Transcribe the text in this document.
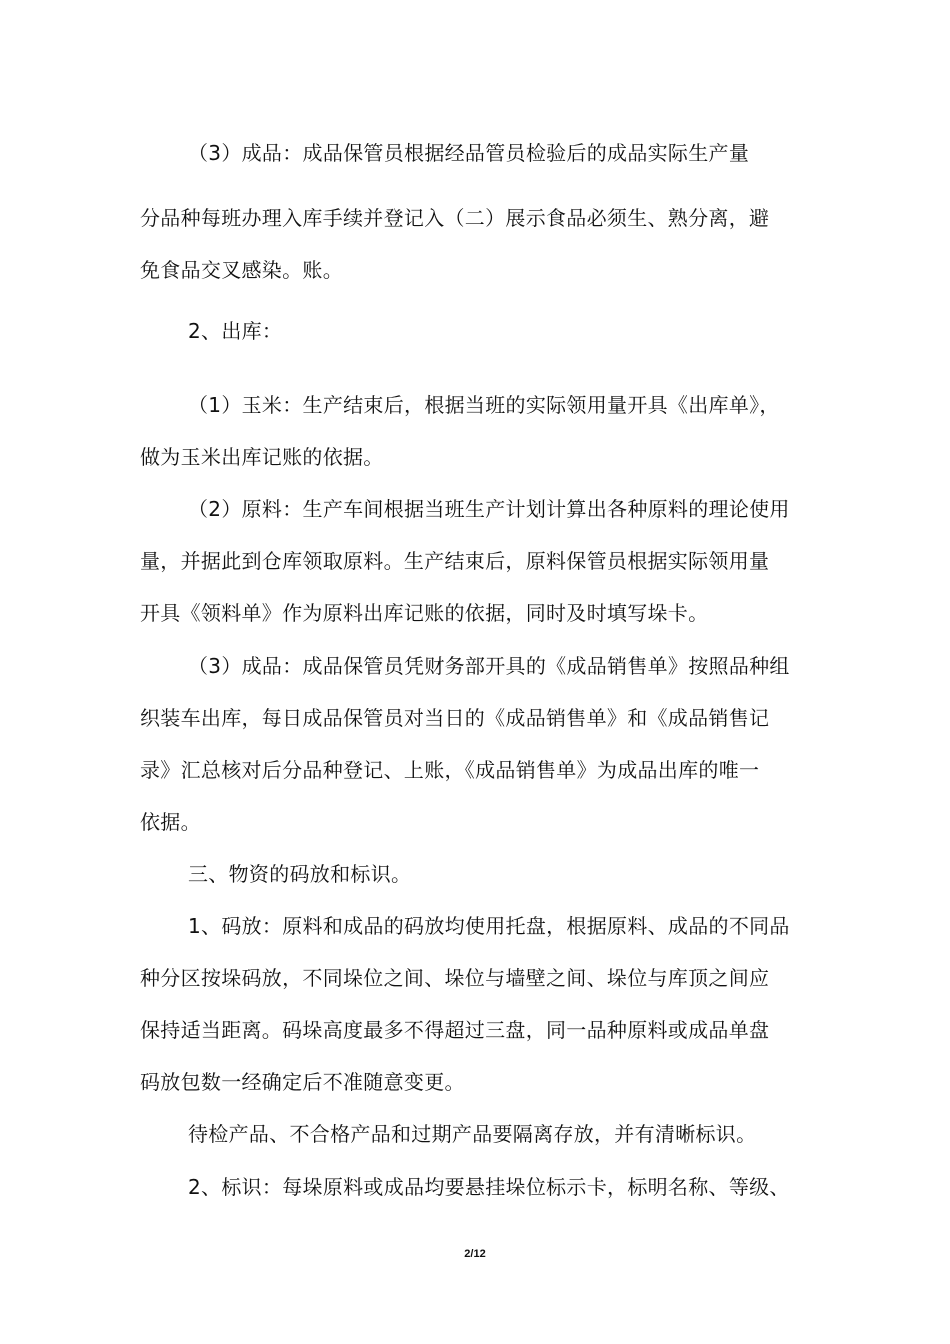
（3）成品：成品保管员根据经品管员检验后的成品实际生产量
分品种每班办理入库手续并登记入（二）展示食品必须生、熟分离，避
免食品交叉感染。账。
2、出库：
（1）玉米：生产结束后，根据当班的实际领用量开具《出库单》，
做为玉米出库记账的依据。
（2）原料：生产车间根据当班生产计划计算出各种原料的理论使用
量，并据此到仓库领取原料。生产结束后，原料保管员根据实际领用量
开具《领料单》作为原料出库记账的依据，同时及时填写垛卡。
（3）成品：成品保管员凭财务部开具的《成品销售单》按照品种组
织装车出库，每日成品保管员对当日的《成品销售单》和《成品销售记
录》汇总核对后分品种登记、上账，《成品销售单》为成品出库的唯一
依据。
三、物资的码放和标识。
1、码放：原料和成品的码放均使用托盘，根据原料、成品的不同品
种分区按垛码放，不同垛位之间、垛位与墙壁之间、垛位与库顶之间应
保持适当距离。码垛高度最多不得超过三盘，同一品种原料或成品单盘
码放包数一经确定后不准随意变更。
待检产品、不合格产品和过期产品要隔离存放，并有清晰标识。
2、标识：每垛原料或成品均要悬挂垛位标示卡，标明名称、等级、
2/12
